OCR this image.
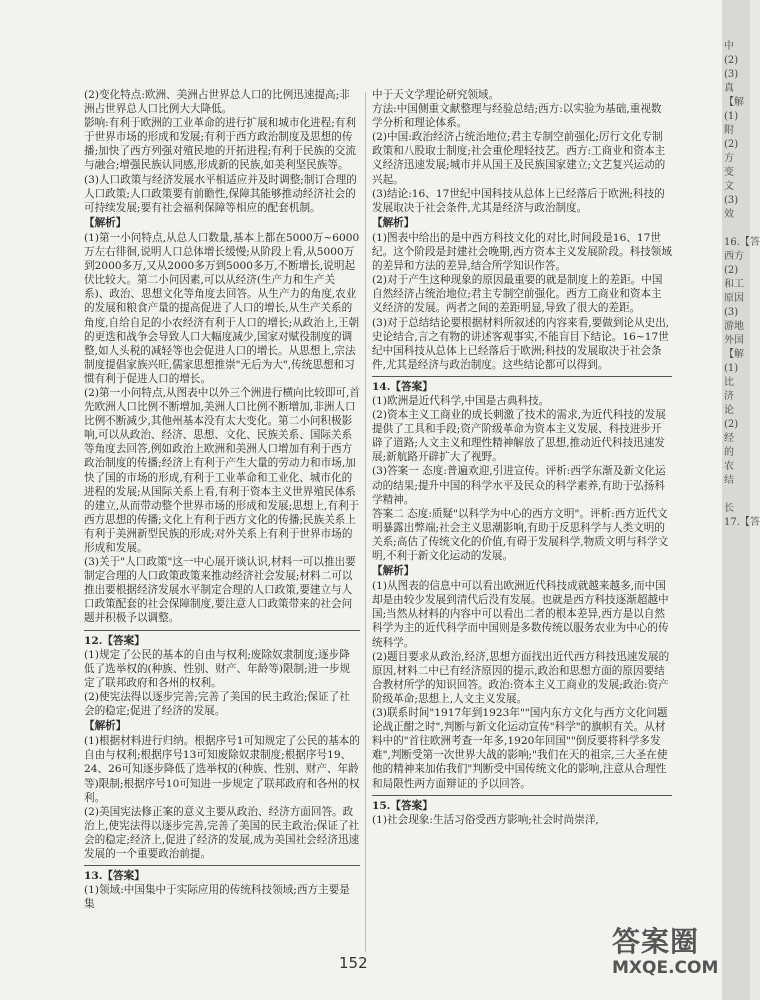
(2)变化特点:欧洲、美洲占世界总人口的比例迅速提高;非洲占世界总人口比例大大降低。

影响:有利于欧洲的工业革命的进行扩展和城市化进程;有利于世界市场的形成和发展;有利于西方政治制度及思想的传播;加快了西方列强对殖民地的开拓进程;有利于民族的交流与融合;增强民族认同感,形成新的民族,如美利坚民族等。

(3)人口政策与经济发展水平相适应并及时调整;制订合理的人口政策;人口政策要有前瞻性,保障其能够推动经济社会的可持续发展;要有社会福利保障等相应的配套机制。

【解析】

(1)第一小问特点,从总人口数量,基本上都在5000万~6000万左右徘徊,说明人口总体增长缓慢;从阶段上看,从5000万到2000多万,又从2000多万到5000多万,不断增长,说明起伏比较大。第二小问因素,可以从经济(生产力和生产关系)、政治、思想文化等角度去回答。从生产力的角度,农业的发展和粮食产量的提高促进了人口的增长,从生产关系的角度,自给自足的小农经济有利于人口的增长;从政治上,王朝的更迭和战争会导致人口大幅度减少,国家对赋役制度的调整,如人头税的减轻等也会促进人口的增长。从思想上,宗法制度提倡家族兴旺,儒家思想推崇"无后为大",传统思想和习惯有利于促进人口的增长。

(2)第一小问特点,从图表中以外三个洲进行横向比较即可,首先欧洲人口比例不断增加,美洲人口比例不断增加,非洲人口比例不断减少,其他州基本没有太大变化。第二小问积极影响,可以从政治、经济、思想、文化、民族关系、国际关系等角度去回答,例如政治上欧洲和美洲人口增加有利于西方政治制度的传播;经济上有利于产生大量的劳动力和市场,加快了国的市场的形成,有利于工业革命和工业化、城市化的进程的发展;从国际关系上看,有利于资本主义世界殖民体系的建立,从而带动整个世界市场的形成和发展;思想上,有利于西方思想的传播;文化上有利于西方文化的传播;民族关系上有利于美洲新型民族的形成;对外关系上有利于世界市场的形成和发展。

(3)关于"人口政策"这一中心展开谈认识,材料一可以推出要制定合理的人口政策政策来推动经济社会发展;材料二可以推出要根据经济发展水平制定合理的人口政策,要建立与人口政策配套的社会保障制度,要注意人口政策带来的社会问题并积极予以调整。

12.【答案】

(1)规定了公民的基本的自由与权利;废除奴隶制度;逐步降低了选举权的(种族、性别、财产、年龄等)限制;进一步规定了联邦政府和各州的权利。

(2)使宪法得以逐步完善;完善了美国的民主政治;保证了社会的稳定;促进了经济的发展。

【解析】

(1)根据材料进行归纳。根据序号1可知规定了公民的基本的自由与权利;根据序号13可知废除奴隶制度;根据序号19、24、26可知逐步降低了选举权的(种族、性别、财产、年龄等)限制;根据序号10可知进一步规定了联邦政府和各州的权利。

(2)美国宪法修正案的意义主要从政治、经济方面回答。政治上,使宪法得以逐步完善,完善了美国的民主政治;保证了社会的稳定;经济上,促进了经济的发展,成为美国社会经济迅速发展的一个重要政治前提。

13.【答案】

(1)领域:中国集中于实际应用的传统科技领域;西方主要是集

中于天文学理论研究领域。

方法:中国侧重文献整理与经验总结;西方:以实验为基础,重视数学分析和理论体系。

(2)中国:政治经济占统治地位;君主专制空前强化;厉行文化专制政策和八股取士制度;社会重伦理轻技艺。西方:工商业和资本主义经济迅速发展;城市并从国王及民族国家建立;文艺复兴运动的兴起。

(3)结论:16、17世纪中国科技从总体上已经落后于欧洲;科技的发展取决于社会条件,尤其是经济与政治制度。

【解析】

(1)图表中给出的是中西方科技文化的对比,时间段是16、17世纪。这个阶段是封建社会晚期,西方资本主义发展阶段。科技领域的差异和方法的差异,结合所学知识作答。

(2)对于产生这种现象的原因最重要的就是制度上的差距。中国自然经济占统治地位;君主专制空前强化。西方工商业和资本主义经济的发展。两者之间的差距明显,导致了很大的差距。

(3)对于总结结论要根据材料所叙述的内容来看,要做到论从史出,史论结合,言之有物的讲述客观事实,不能盲目下结论。16~17世纪中国科技从总体上已经落后于欧洲;科技的发展取决于社会条件,尤其是经济与政治制度。这些结论都可以得到。

14.【答案】

(1)欧洲是近代科学,中国是古典科技。

(2)资本主义工商业的成长刺激了技术的需求,为近代科技的发展提供了工具和手段;资产阶级革命为资本主义发展、科技进步开辟了道路;人文主义和理性精神解放了思想,推动近代科技迅速发展;新航路开辟扩大了视野。

(3)答案一 态度:普遍欢迎,引进宣传。评析:西学东渐及新文化运动的结果;提升中国的科学水平及民众的科学素养,有助于弘扬科学精神。

答案二 态度:质疑"以科学为中心的西方文明"。评析:西方近代文明暴露出弊端;社会主义思潮影响,有助于反思科学与人类文明的关系;高估了传统文化的价值,有碍于发展科学,物质文明与科学文明,不利于新文化运动的发展。

【解析】

(1)从图表的信息中可以看出欧洲近代科技成就越来越多,而中国却是由较少发展到清代后没有发展。也就是西方科技逐渐超越中国;当然从材料的内容中可以看出二者的根本差异,西方是以自然科学为主的近代科学而中国则是多数传统以服务农业为中心的传统科学。

(2)题目要求从政治,经济,思想方面找出近代西方科技迅速发展的原因,材料二中已有经济原因的提示,政治和思想方面的原因要结合教材所学的知识回答。政治:资本主义工商业的发展;政治:资产阶级革命;思想上,人文主义发展。

(3)联系时间"1917年到1923年""国内东方文化与西方文化问题论战正酣之时",判断与新文化运动宣传"科学"的旗帜有关。从材料中的"首往欧洲考查一年多,1920年回国""倒反要将科学多发难",判断受第一次世界大战的影响;"我们在天的祖宗,三大圣在使他的精神来加佑我们"判断受中国传统文化的影响,注意从合理性和局限性两方面辩证的予以回答。

15.【答案】

(1)社会现象:生活习俗受西方影响;社会时尚崇洋,

152
中
(2)
(3)
真
【解
(1)
附
(2)
方
变
文
(3)
效
16.【答
西方
(2)
和工
原因
(3)
游地
外国
【解
(1)
比
济
论
(2)
经
的
农
结
长
17.【答
答案圈
MXQE.COM
